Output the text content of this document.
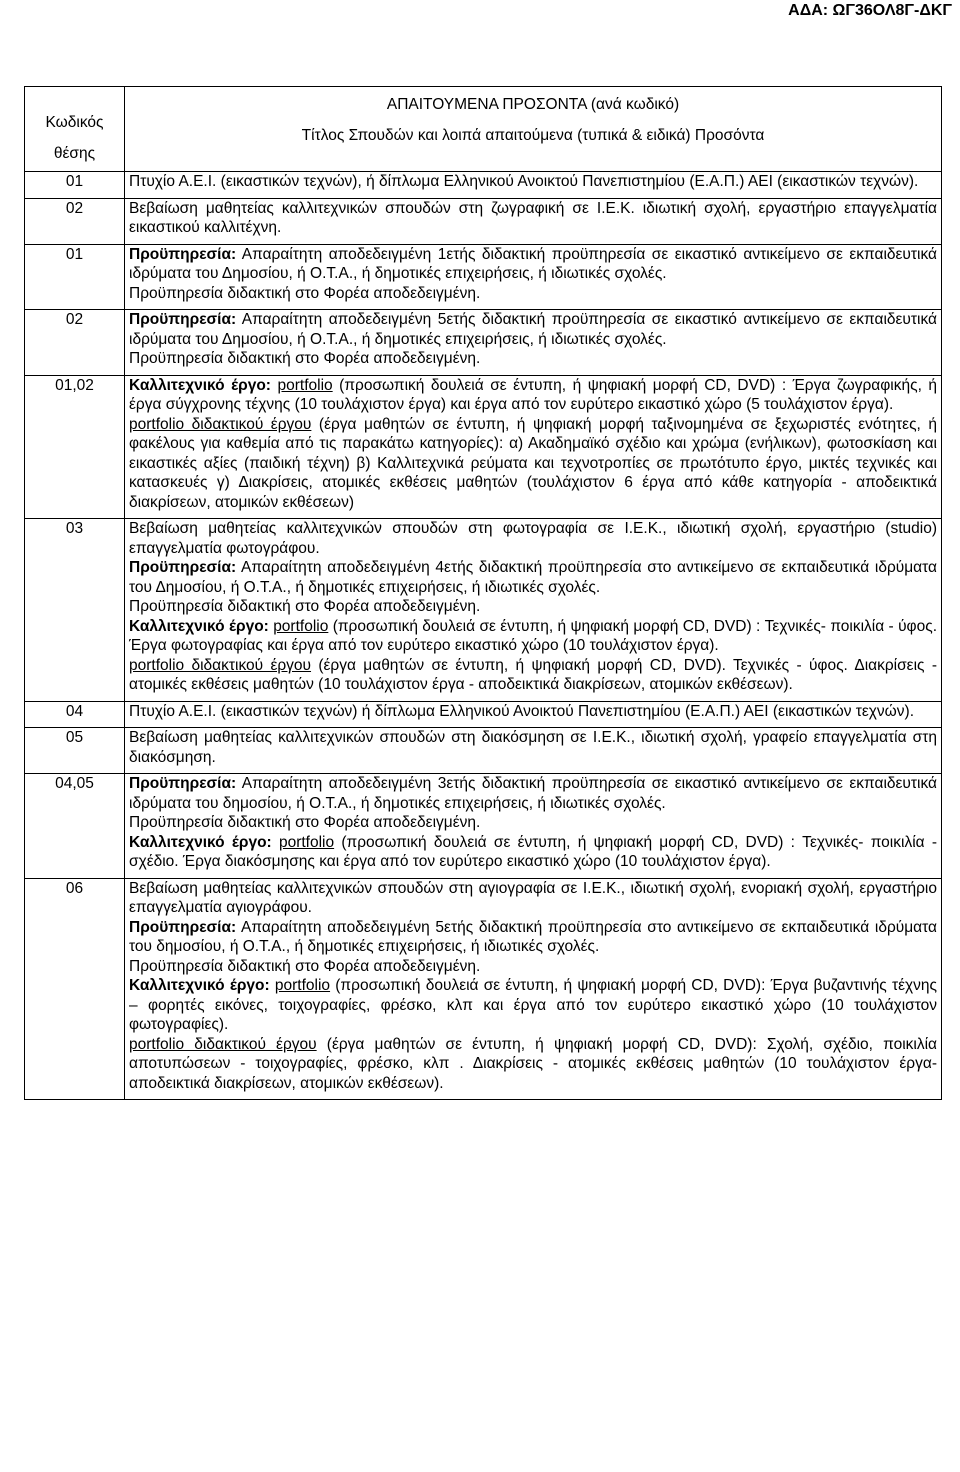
ΑΔΑ: ΩΓ36ΟΛ8Γ-ΔΚΓ
Κωδικός
θέσης	ΑΠΑΙΤΟΥΜΕΝΑ ΠΡΟΣΟΝΤΑ (ανά κωδικό)
Τίτλος Σπουδών και λοιπά απαιτούμενα (τυπικά & ειδικά) Προσόντα

01	Πτυχίο Α.Ε.Ι. (εικαστικών τεχνών), ή δίπλωμα Ελληνικού Ανοικτού Πανεπιστημίου (Ε.Α.Π.) ΑΕΙ (εικαστικών τεχνών).
02	Βεβαίωση μαθητείας καλλιτεχνικών σπουδών στη ζωγραφική σε Ι.Ε.Κ. ιδιωτική σχολή, εργαστήριο επαγγελματία εικαστικού καλλιτέχνη.
01	Προϋπηρεσία: Απαραίτητη αποδεδειγμένη 1ετής διδακτική προϋπηρεσία σε εικαστικό αντικείμενο σε εκπαιδευτικά ιδρύματα του Δημοσίου, ή Ο.Τ.Α., ή δημοτικές επιχειρήσεις, ή ιδιωτικές σχολές.
Προϋπηρεσία διδακτική στο Φορέα αποδεδειγμένη.

02	Προϋπηρεσία: Απαραίτητη αποδεδειγμένη 5ετής διδακτική προϋπηρεσία σε εικαστικό αντικείμενο σε εκπαιδευτικά ιδρύματα του Δημοσίου, ή Ο.Τ.Α., ή δημοτικές επιχειρήσεις, ή ιδιωτικές σχολές.
Προϋπηρεσία διδακτική στο Φορέα αποδεδειγμένη.

01,02	Καλλιτεχνικό έργο: portfolio (προσωπική δουλειά σε έντυπη, ή ψηφιακή μορφή CD, DVD) : Έργα ζωγραφικής, ή έργα σύγχρονης τέχνης (10 τουλάχιστον έργα) και έργα από τον ευρύτερο εικαστικό χώρο (5 τουλάχιστον έργα).
portfolio διδακτικού έργου (έργα μαθητών σε έντυπη, ή ψηφιακή μορφή ταξινομημένα σε ξεχωριστές ενότητες, ή φακέλους για καθεμία από τις παρακάτω κατηγορίες): α) Ακαδημαϊκό σχέδιο και χρώμα (ενήλικων), φωτοσκίαση και εικαστικές αξίες (παιδική τέχνη) β) Καλλιτεχνικά ρεύματα και τεχνοτροπίες σε πρωτότυπο έργο, μικτές τεχνικές και κατασκευές γ) Διακρίσεις, ατομικές εκθέσεις μαθητών (τουλάχιστον 6 έργα από κάθε κατηγορία - αποδεικτικά διακρίσεων, ατομικών εκθέσεων)

03	Βεβαίωση μαθητείας καλλιτεχνικών σπουδών στη φωτογραφία σε Ι.Ε.Κ., ιδιωτική σχολή, εργαστήριο (studio) επαγγελματία φωτογράφου.
Προϋπηρεσία: Απαραίτητη αποδεδειγμένη 4ετής διδακτική προϋπηρεσία στο αντικείμενο σε εκπαιδευτικά ιδρύματα του Δημοσίου, ή Ο.Τ.Α., ή δημοτικές επιχειρήσεις, ή ιδιωτικές σχολές.
Προϋπηρεσία διδακτική στο Φορέα αποδεδειγμένη.
Καλλιτεχνικό έργο: portfolio (προσωπική δουλειά σε έντυπη, ή ψηφιακή μορφή CD, DVD) : Τεχνικές- ποικιλία - ύφος. Έργα φωτογραφίας και έργα από τον ευρύτερο εικαστικό χώρο (10 τουλάχιστον έργα).
portfolio διδακτικού έργου (έργα μαθητών σε έντυπη, ή ψηφιακή μορφή CD, DVD). Τεχνικές - ύφος. Διακρίσεις - ατομικές εκθέσεις μαθητών (10 τουλάχιστον έργα - αποδεικτικά διακρίσεων, ατομικών εκθέσεων).

04	Πτυχίο Α.Ε.Ι. (εικαστικών τεχνών) ή δίπλωμα Ελληνικού Ανοικτού Πανεπιστημίου (Ε.Α.Π.) ΑΕΙ (εικαστικών τεχνών).
05	Βεβαίωση μαθητείας καλλιτεχνικών σπουδών στη διακόσμηση σε Ι.Ε.Κ., ιδιωτική σχολή, γραφείο επαγγελματία στη διακόσμηση.
04,05	Προϋπηρεσία: Απαραίτητη αποδεδειγμένη 3ετής διδακτική προϋπηρεσία σε εικαστικό αντικείμενο σε εκπαιδευτικά ιδρύματα του δημοσίου, ή Ο.Τ.Α., ή δημοτικές επιχειρήσεις, ή ιδιωτικές σχολές.
Προϋπηρεσία διδακτική στο Φορέα αποδεδειγμένη.
Καλλιτεχνικό έργο: portfolio (προσωπική δουλειά σε έντυπη, ή ψηφιακή μορφή CD, DVD) : Τεχνικές- ποικιλία - σχέδιο. Έργα διακόσμησης και έργα από τον ευρύτερο εικαστικό χώρο (10 τουλάχιστον έργα).

06	Βεβαίωση μαθητείας καλλιτεχνικών σπουδών στη αγιογραφία σε Ι.Ε.Κ., ιδιωτική σχολή, ενοριακή σχολή, εργαστήριο επαγγελματία αγιογράφου.
Προϋπηρεσία: Απαραίτητη αποδεδειγμένη 5ετής διδακτική προϋπηρεσία στο αντικείμενο σε εκπαιδευτικά ιδρύματα του δημοσίου, ή Ο.Τ.Α., ή δημοτικές επιχειρήσεις, ή ιδιωτικές σχολές.
Προϋπηρεσία διδακτική στο Φορέα αποδεδειγμένη.
Καλλιτεχνικό έργο: portfolio (προσωπική δουλειά σε έντυπη, ή ψηφιακή μορφή CD, DVD): Έργα βυζαντινής τέχνης – φορητές εικόνες, τοιχογραφίες, φρέσκο, κλπ και έργα από τον ευρύτερο εικαστικό χώρο (10 τουλάχιστον φωτογραφίες).
portfolio διδακτικού έργου (έργα μαθητών σε έντυπη, ή ψηφιακή μορφή CD, DVD): Σχολή, σχέδιο, ποικιλία αποτυπώσεων - τοιχογραφίες, φρέσκο, κλπ . Διακρίσεις - ατομικές εκθέσεις μαθητών (10 τουλάχιστον έργα- αποδεικτικά διακρίσεων, ατομικών εκθέσεων).
